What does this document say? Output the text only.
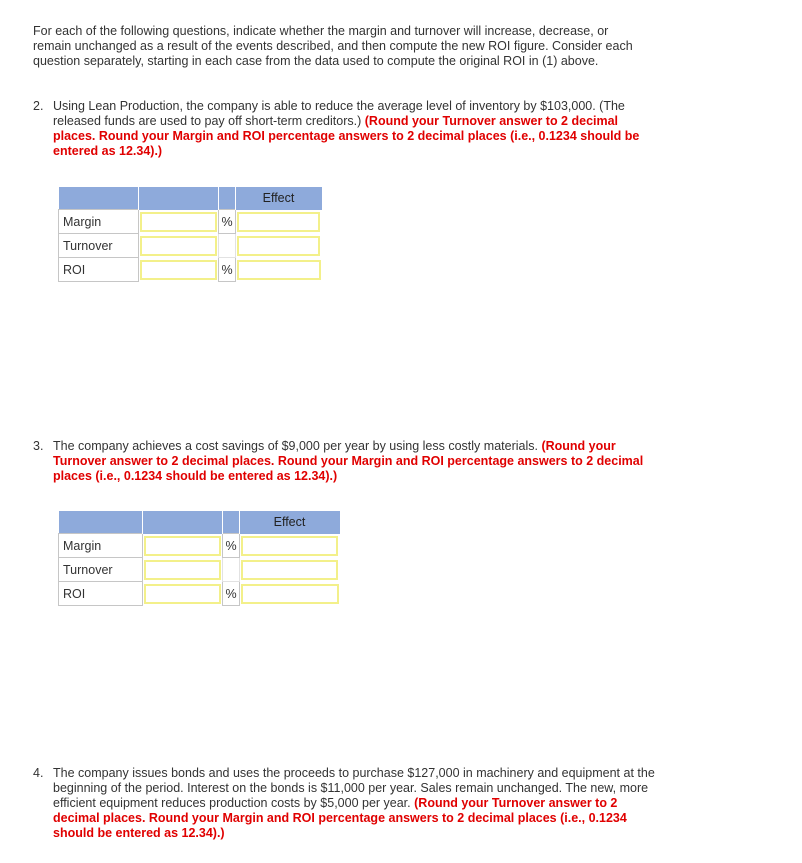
For each of the following questions, indicate whether the margin and turnover will increase, decrease, or remain unchanged as a result of the events described, and then compute the new ROI figure. Consider each question separately, starting in each case from the data used to compute the original ROI in (1) above.
2. Using Lean Production, the company is able to reduce the average level of inventory by $103,000. (The released funds are used to pay off short-term creditors.) (Round your Turnover answer to 2 decimal places. Round your Margin and ROI percentage answers to 2 decimal places (i.e., 0.1234 should be entered as 12.34).)
			Effect
Margin		%	

Turnover	

ROI		%	
3. The company achieves a cost savings of $9,000 per year by using less costly materials. (Round your Turnover answer to 2 decimal places. Round your Margin and ROI percentage answers to 2 decimal places (i.e., 0.1234 should be entered as 12.34).)
			Effect
Margin		%	

Turnover	

ROI		%	
4. The company issues bonds and uses the proceeds to purchase $127,000 in machinery and equipment at the beginning of the period. Interest on the bonds is $11,000 per year. Sales remain unchanged. The new, more efficient equipment reduces production costs by $5,000 per year. (Round your Turnover answer to 2 decimal places. Round your Margin and ROI percentage answers to 2 decimal places (i.e., 0.1234 should be entered as 12.34).)
